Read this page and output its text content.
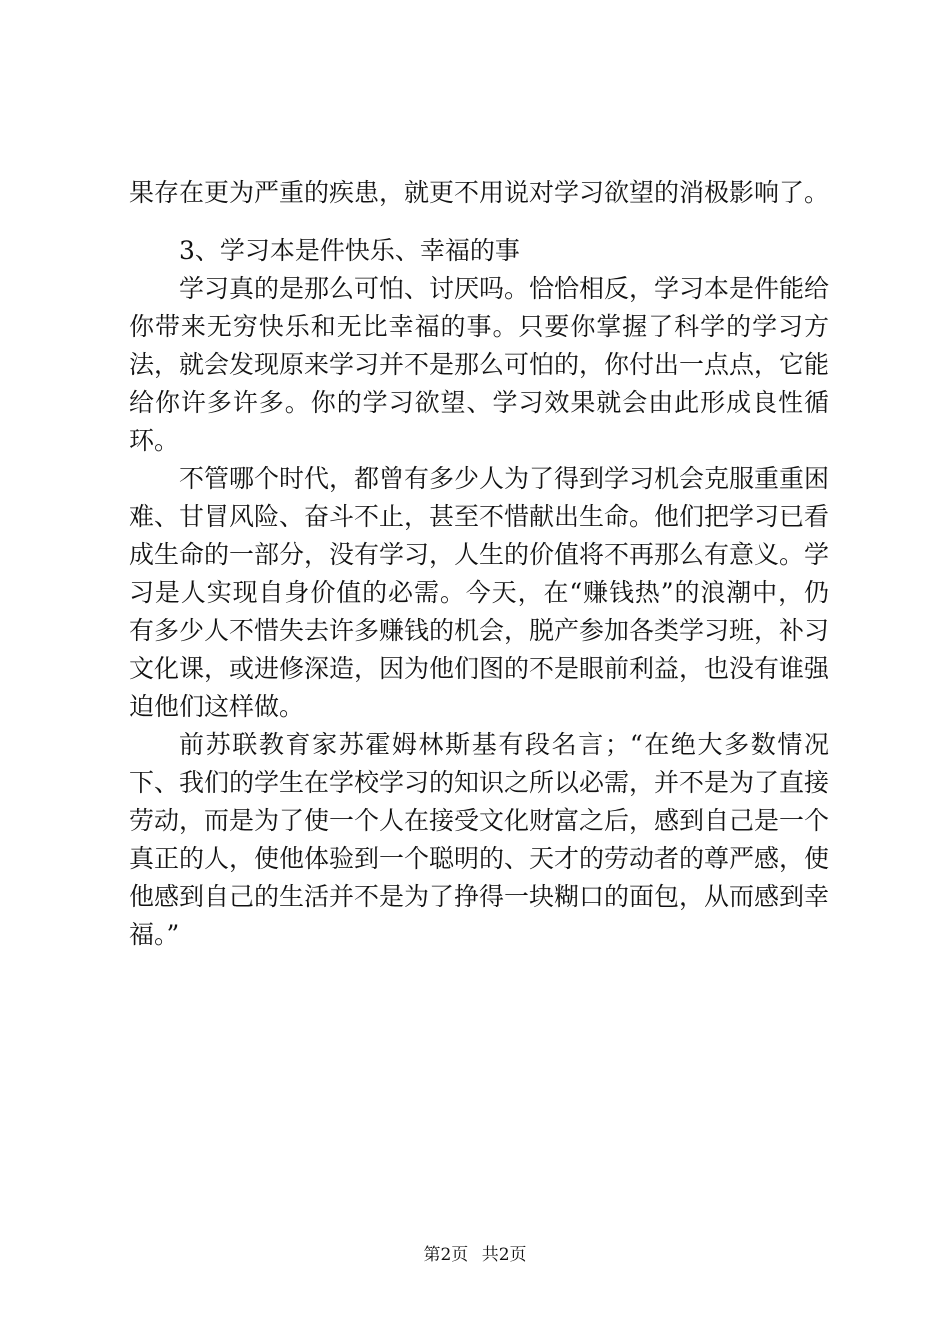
果存在更为严重的疾患，就更不用说对学习欲望的消极影响了。

3、学习本是件快乐、幸福的事

学习真的是那么可怕、讨厌吗。恰恰相反，学习本是件能给你带来无穷快乐和无比幸福的事。只要你掌握了科学的学习方法，就会发现原来学习并不是那么可怕的，你付出一点点，它能给你许多许多。你的学习欲望、学习效果就会由此形成良性循环。

不管哪个时代，都曾有多少人为了得到学习机会克服重重困难、甘冒风险、奋斗不止，甚至不惜献出生命。他们把学习已看成生命的一部分，没有学习，人生的价值将不再那么有意义。学习是人实现自身价值的必需。今天，在“赚钱热”的浪潮中，仍有多少人不惜失去许多赚钱的机会，脱产参加各类学习班，补习文化课，或进修深造，因为他们图的不是眼前利益，也没有谁强迫他们这样做。

前苏联教育家苏霍姆林斯基有段名言；“在绝大多数情况下、我们的学生在学校学习的知识之所以必需，并不是为了直接劳动，而是为了使一个人在接受文化财富之后，感到自己是一个真正的人，使他体验到一个聪明的、天才的劳动者的尊严感，使他感到自己的生活并不是为了挣得一块糊口的面包，从而感到幸福。”

第2页 共2页
